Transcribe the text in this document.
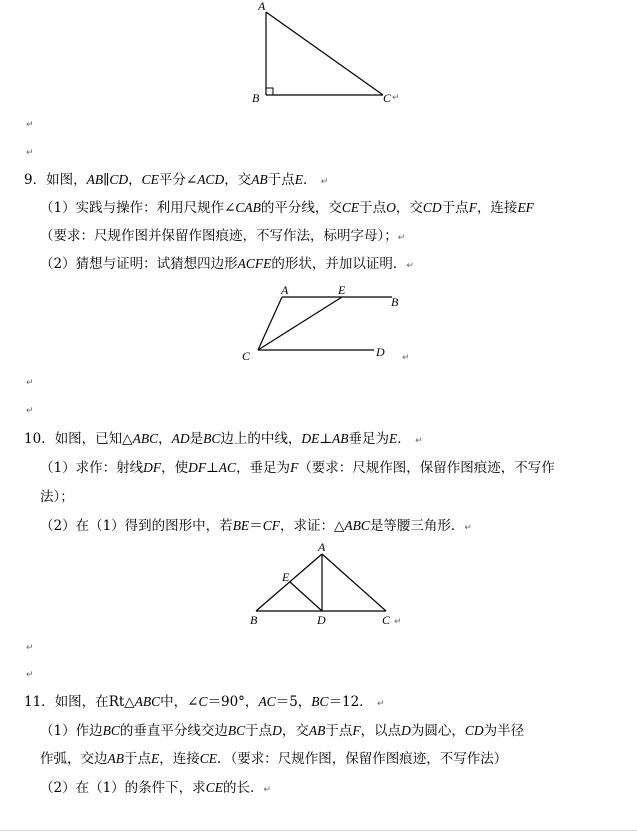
A
B	C ↵
↵
↵
9．如图，AB∥CD，CE平分∠ACD，交AB于点E． ↵
（1）实践与操作：利用尺规作∠CAB的平分线，交CE于点O，交CD于点F，连接EF
（要求：尺规作图并保留作图痕迹，不写作法，标明字母）；↵
（2）猜想与证明：试猜想四边形ACFE的形状，并加以证明．↵
A	E
B
C	D ↵
↵
↵
10．如图，已知△ABC，AD是BC边上的中线，DE⊥AB垂足为E． ↵
（1）求作：射线DF，使DF⊥AC，垂足为F（要求：尺规作图，保留作图痕迹，不写作
法）；
（2）在（1）得到的图形中，若BE＝CF，求证：△ABC是等腰三角形．↵
A
E
B	D	C ↵
↵
↵
11．如图，在Rt△ABC中，∠C＝90°，AC＝5，BC＝12． ↵
（1）作边BC的垂直平分线交边BC于点D，交AB于点F，以点D为圆心，CD为半径
作弧，交边AB于点E，连接CE．（要求：尺规作图，保留作图痕迹，不写作法）
（2）在（1）的条件下，求CE的长．↵
